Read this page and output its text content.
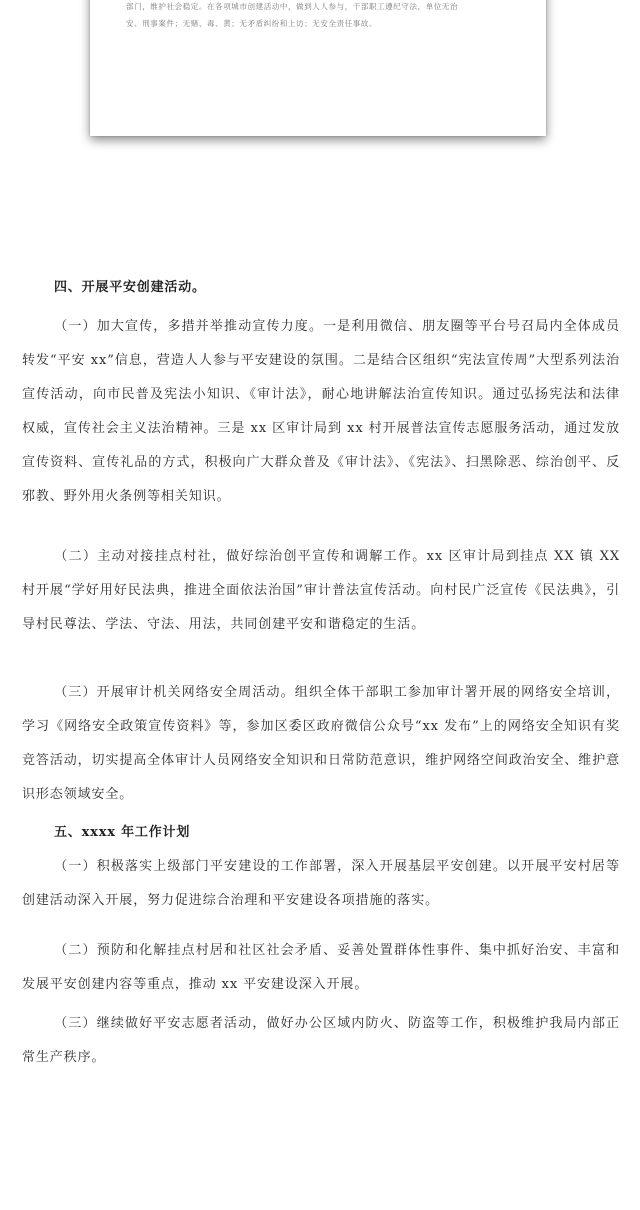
部门，维护社会稳定。在各项城市创建活动中，做到人人参与，干部职工遵纪守法，单位无治
安、刑事案件；无赌、毒、黄；无矛盾纠纷和上访；无安全责任事故。
四、开展平安创建活动。

（一）加大宣传，多措并举推动宣传力度。一是利用微信、朋友圈等平台号召局内全体成员转发“平安 xx”信息，营造人人参与平安建设的氛围。二是结合区组织“宪法宣传周”大型系列法治宣传活动，向市民普及宪法小知识、《审计法》，耐心地讲解法治宣传知识。通过弘扬宪法和法律权威，宣传社会主义法治精神。三是 xx 区审计局到 xx 村开展普法宣传志愿服务活动，通过发放宣传资料、宣传礼品的方式，积极向广大群众普及《审计法》、《宪法》、扫黑除恶、综治创平、反邪教、野外用火条例等相关知识。

（二）主动对接挂点村社，做好综治创平宣传和调解工作。xx 区审计局到挂点 XX 镇 XX 村开展“学好用好民法典，推进全面依法治国”审计普法宣传活动。向村民广泛宣传《民法典》，引导村民尊法、学法、守法、用法，共同创建平安和谐稳定的生活。

（三）开展审计机关网络安全周活动。组织全体干部职工参加审计署开展的网络安全培训，学习《网络安全政策宣传资料》等，参加区委区政府微信公众号“xx 发布”上的网络安全知识有奖竞答活动，切实提高全体审计人员网络安全知识和日常防范意识，维护网络空间政治安全、维护意识形态领域安全。

五、xxxx 年工作计划

（一）积极落实上级部门平安建设的工作部署，深入开展基层平安创建。以开展平安村居等创建活动深入开展，努力促进综合治理和平安建设各项措施的落实。

（二）预防和化解挂点村居和社区社会矛盾、妥善处置群体性事件、集中抓好治安、丰富和发展平安创建内容等重点，推动 xx 平安建设深入开展。

（三）继续做好平安志愿者活动，做好办公区域内防火、防盗等工作，积极维护我局内部正常生产秩序。
